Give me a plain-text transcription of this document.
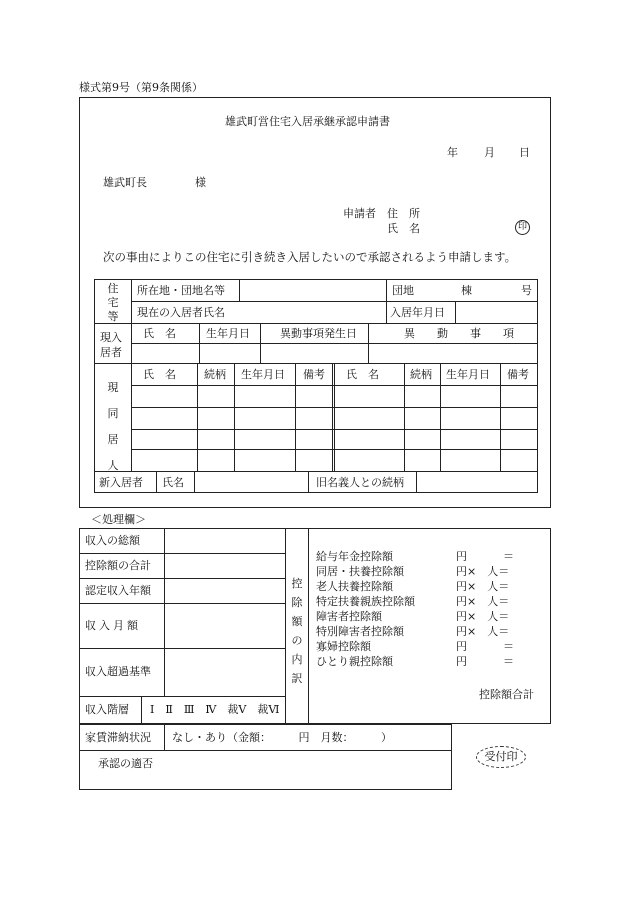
様式第9号（第9条関係）
雄武町営住宅入居承継承認申請書
年 月 日
雄武町長	様
申請者 住　所
氏　名	印
次の事由によりこの住宅に引き続き入居したいので承認されるよう申請します。
住宅等
所在地・団地名等	団地	棟	号
現在の入居者氏名	入居年月日
現入居者
氏　名	生年月日	異動事項発生日	異　　動　　事　　項
現同居人
氏　名	続柄 生年月日 備考 氏　名	続柄 生年月日 備考
新入居者 氏名	旧名義人との続柄
＜処理欄＞
収入の総額
控除額の合計
認定収入年額
収入月額
収入超過基準
収入階層 Ⅰ　Ⅱ　Ⅲ　Ⅳ　裁Ⅴ　裁Ⅵ
控除額の内訳
給与年金控除額	円	＝
同居・扶養控除額	円×　人＝
老人扶養控除額	円×　人＝
特定扶養親族控除額	円×　人＝
障害者控除額	円×　人＝
特別障害者控除額	円×　人＝
寡婦控除額	円	＝
ひとり親控除額	円	＝
控除額合計
家賃滞納状況 なし・あり（金額：　　　円　月数：　　　）
承認の適否
受付印
